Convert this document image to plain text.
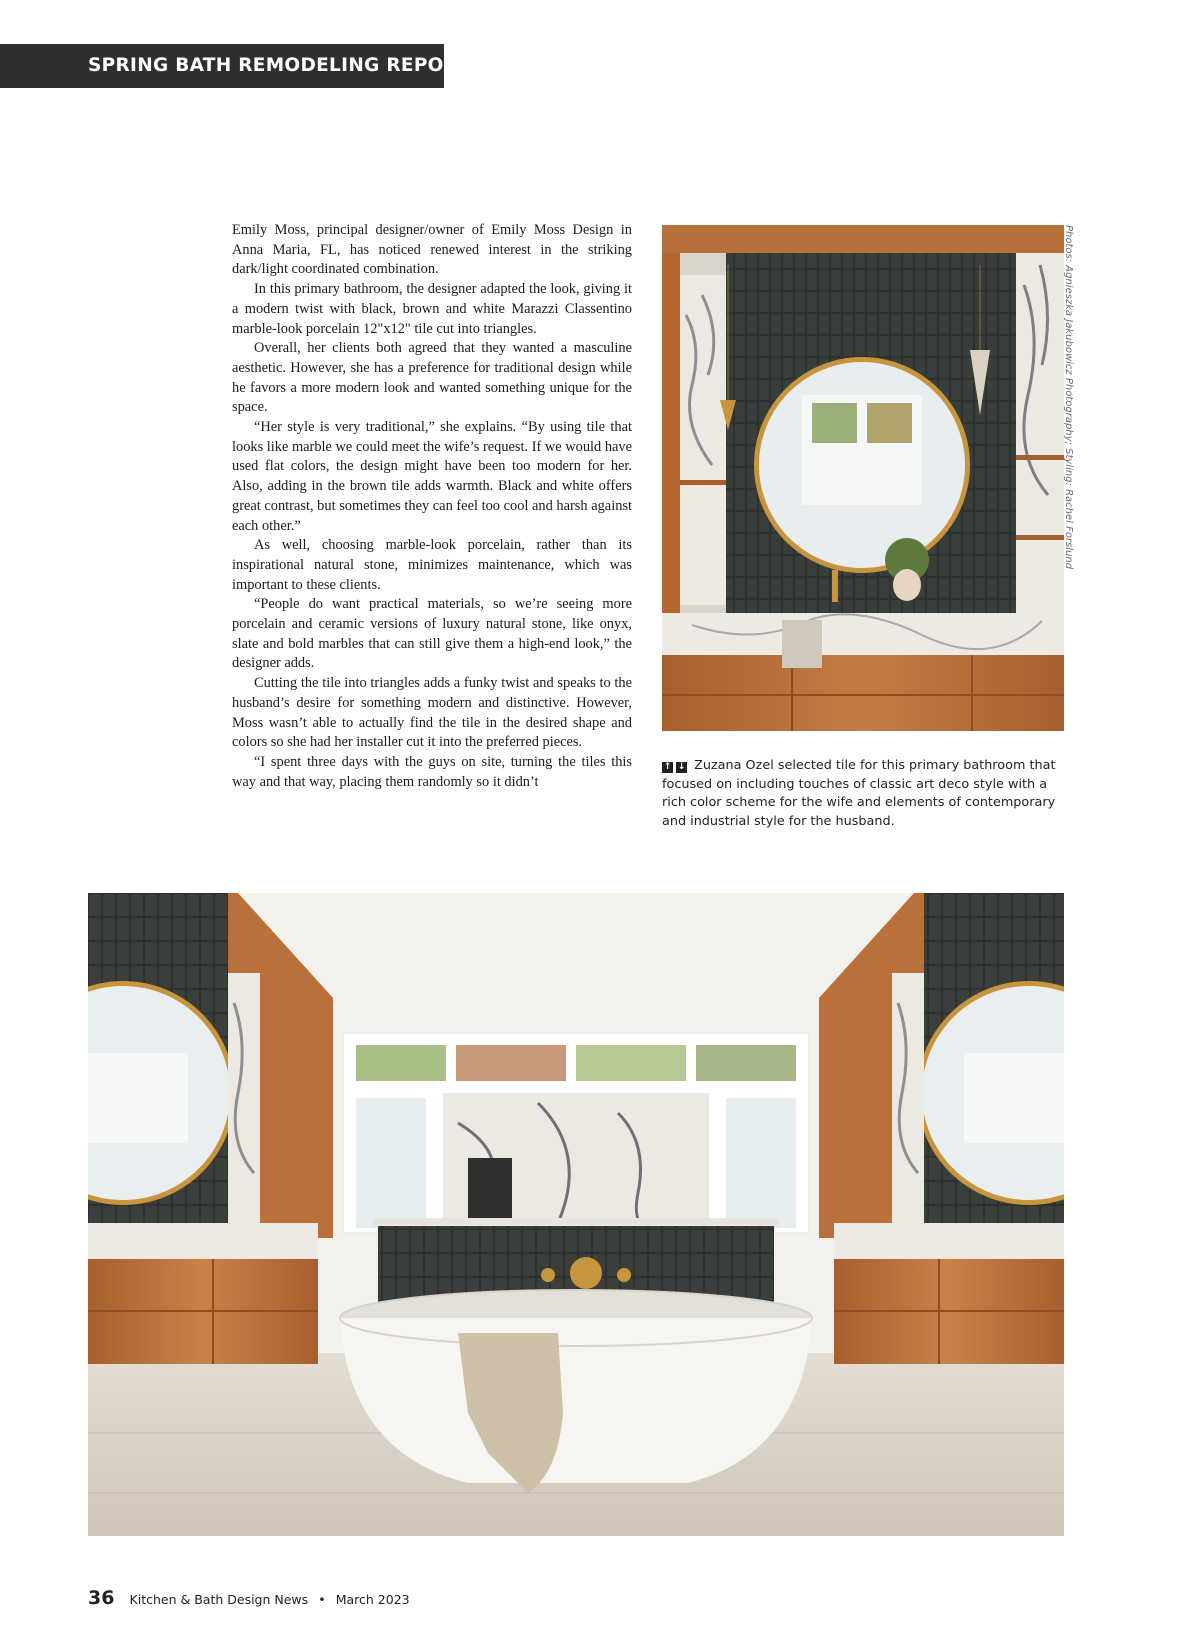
SPRING BATH REMODELING REPORT

Emily Moss, principal designer/owner of Emily Moss Design in Anna Maria, FL, has noticed renewed interest in the striking dark/light coordinated combination.

In this primary bathroom, the designer adapted the look, giving it a modern twist with black, brown and white Marazzi Classentino marble-look porcelain 12"x12" tile cut into triangles.

Overall, her clients both agreed that they wanted a masculine aesthetic. However, she has a preference for traditional design while he favors a more modern look and wanted something unique for the space.

“Her style is very traditional,” she explains. “By using tile that looks like marble we could meet the wife’s request. If we would have used flat colors, the design might have been too modern for her. Also, adding in the brown tile adds warmth. Black and white offers great contrast, but sometimes they can feel too cool and harsh against each other.”

As well, choosing marble-look porcelain, rather than its inspirational natural stone, minimizes maintenance, which was important to these clients.

“People do want practical materials, so we’re seeing more porcelain and ceramic versions of luxury natural stone, like onyx, slate and bold marbles that can still give them a high-end look,” the designer adds.

Cutting the tile into triangles adds a funky twist and speaks to the husband’s desire for something modern and distinctive. However, Moss wasn’t able to actually find the tile in the desired shape and colors so she had her installer cut it into the preferred pieces.

“I spent three days with the guys on site, turning the tiles this way and that way, placing them randomly so it didn’t

Photos: Agnieszka Jakubowicz Photography; Styling: Rachel Forslund
↑ ↓ Zuzana Ozel selected tile for this primary bathroom that focused on including touches of classic art deco style with a rich color scheme for the wife and elements of contemporary and industrial style for the husband.
36 Kitchen & Bath Design News • March 2023
